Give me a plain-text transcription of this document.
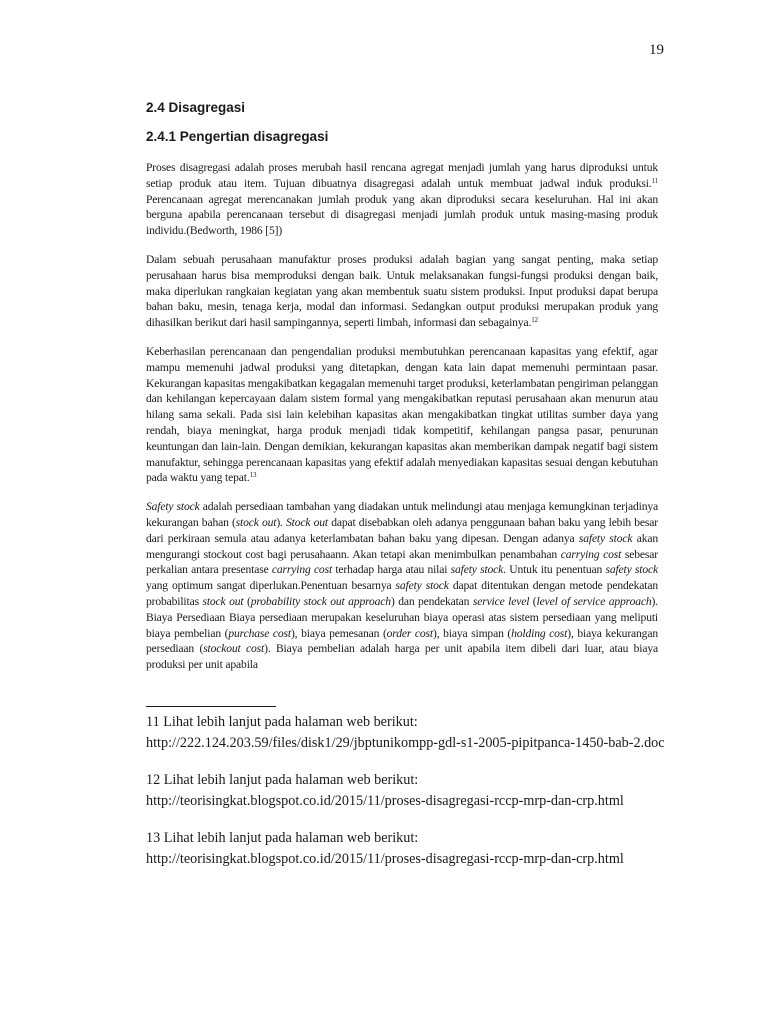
19
2.4 Disagregasi
2.4.1 Pengertian disagregasi

Proses disagregasi adalah proses merubah hasil rencana agregat menjadi jumlah yang harus diproduksi untuk setiap produk atau item. Tujuan dibuatnya disagregasi adalah untuk membuat jadwal induk produksi.$^{11}$ Perencanaan agregat merencanakan jumlah produk yang akan diproduksi secara keseluruhan. Hal ini akan berguna apabila perencanaan tersebut di disagregasi menjadi jumlah produk untuk masing-masing produk individu.(Bedworth, 1986 [5])

Dalam sebuah perusahaan manufaktur proses produksi adalah bagian yang sangat penting, maka setiap perusahaan harus bisa memproduksi dengan baik. Untuk melaksanakan fungsi-fungsi produksi dengan baik, maka diperlukan rangkaian kegiatan yang akan membentuk suatu sistem produksi. Input produksi dapat berupa bahan baku, mesin, tenaga kerja, modal dan informasi. Sedangkan output produksi merupakan produk yang dihasilkan berikut dari hasil sampingannya, seperti limbah, informasi dan sebagainya.$^{12}$

Keberhasilan perencanaan dan pengendalian produksi membutuhkan perencanaan kapasitas yang efektif, agar mampu memenuhi jadwal produksi yang ditetapkan, dengan kata lain dapat memenuhi permintaan pasar. Kekurangan kapasitas mengakibatkan kegagalan memenuhi target produksi, keterlambatan pengiriman pelanggan dan kehilangan kepercayaan dalam sistem formal yang mengakibatkan reputasi perusahaan akan menurun atau hilang sama sekali. Pada sisi lain kelebihan kapasitas akan mengakibatkan tingkat utilitas sumber daya yang rendah, biaya meningkat, harga produk menjadi tidak kompetitif, kehilangan pangsa pasar, penurunan keuntungan dan lain-lain. Dengan demikian, kekurangan kapasitas akan memberikan dampak negatif bagi sistem manufaktur, sehingga perencanaan kapasitas yang efektif adalah menyediakan kapasitas sesuai dengan kebutuhan pada waktu yang tepat.$^{13}$

Safety stock adalah persediaan tambahan yang diadakan untuk melindungi atau menjaga kemungkinan terjadinya kekurangan bahan (stock out). Stock out dapat disebabkan oleh adanya penggunaan bahan baku yang lebih besar dari perkiraan semula atau adanya keterlambatan bahan baku yang dipesan. Dengan adanya safety stock akan mengurangi stockout cost bagi perusahaann. Akan tetapi akan menimbulkan penambahan carrying cost sebesar perkalian antara presentase carrying cost terhadap harga atau nilai safety stock. Untuk itu penentuan safety stock yang optimum sangat diperlukan.Penentuan besarnya safety stock dapat ditentukan dengan metode pendekatan probabilitas stock out (probability stock out approach) dan pendekatan service level (level of service approach). Biaya Persediaan Biaya persediaan merupakan keseluruhan biaya operasi atas sistem persediaan yang meliputi biaya pembelian (purchase cost), biaya pemesanan (order cost), biaya simpan (holding cost), biaya kekurangan persediaan (stockout cost). Biaya pembelian adalah harga per unit apabila item dibeli dari luar, atau biaya produksi per unit apabila

11 Lihat lebih lanjut pada halaman web berikut:
http://222.124.203.59/files/disk1/29/jbptunikompp-gdl-s1-2005-pipitpanca-1450-bab-2.doc
12 Lihat lebih lanjut pada halaman web berikut:
http://teorisingkat.blogspot.co.id/2015/11/proses-disagregasi-rccp-mrp-dan-crp.html
13 Lihat lebih lanjut pada halaman web berikut:
http://teorisingkat.blogspot.co.id/2015/11/proses-disagregasi-rccp-mrp-dan-crp.html
